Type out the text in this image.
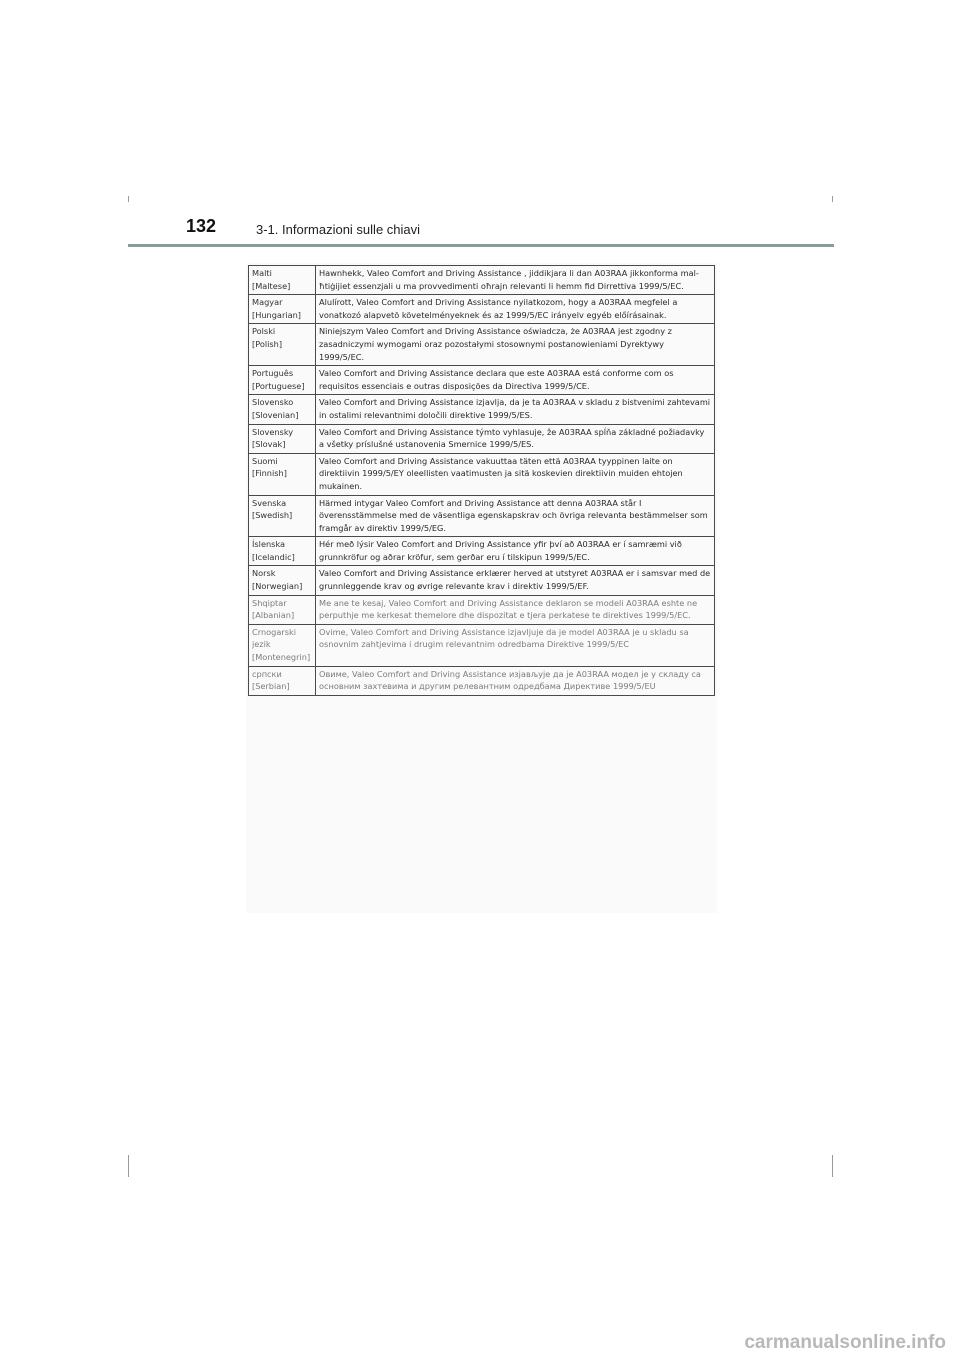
132	3-1. Informazioni sulle chiavi
Malti
[Maltese]	Hawnhekk, Valeo Comfort and Driving Assistance , jiddikjara li dan A03RAA jikkonforma mal-ħtiġijiet essenzjali u ma provvedimenti oħrajn relevanti li hemm fid Dirrettiva 1999/5/EC.

Magyar
[Hungarian]	Alulírott, Valeo Comfort and Driving Assistance nyilatkozom, hogy a A03RAA megfelel a vonatkozó alapvetõ követelményeknek és az 1999/5/EC irányelv egyéb előírásainak.

Polski
[Polish]	Niniejszym Valeo Comfort and Driving Assistance oświadcza, że A03RAA jest zgodny z zasadniczymi wymogami oraz pozostałymi stosownymi postanowieniami Dyrektywy 1999/5/EC.

Português
[Portuguese]	Valeo Comfort and Driving Assistance declara que este A03RAA está conforme com os requisitos essenciais e outras disposições da Directiva 1999/5/CE.

Slovensko
[Slovenian]	Valeo Comfort and Driving Assistance izjavlja, da je ta A03RAA v skladu z bistvenimi zahtevami in ostalimi relevantnimi določili direktive 1999/5/ES.

Slovensky
[Slovak]	Valeo Comfort and Driving Assistance týmto vyhlasuje, že A03RAA spĺňa základné požiadavky a všetky príslušné ustanovenia Smernice 1999/5/ES.

Suomi
[Finnish]	Valeo Comfort and Driving Assistance vakuuttaa täten että A03RAA tyyppinen laite on direktiivin 1999/5/EY oleellisten vaatimusten ja sitä koskevien direktiivin muiden ehtojen mukainen.

Svenska
[Swedish]	Härmed intygar Valeo Comfort and Driving Assistance att denna A03RAA står I överensstämmelse med de väsentliga egenskapskrav och övriga relevanta bestämmelser som framgår av direktiv 1999/5/EG.

Íslenska
[Icelandic]	Hér með lýsir Valeo Comfort and Driving Assistance yfir því að A03RAA er í samræmi við grunnkröfur og aðrar kröfur, sem gerðar eru í tilskipun 1999/5/EC.

Norsk
[Norwegian]	Valeo Comfort and Driving Assistance erklærer herved at utstyret A03RAA er i samsvar med de grunnleggende krav og øvrige relevante krav i direktiv 1999/5/EF.

Shqiptar
[Albanian]	Me ane te kesaj, Valeo Comfort and Driving Assistance deklaron se modeli A03RAA eshte ne perputhje me kerkesat themelore dhe dispozitat e tjera perkatese te direktives 1999/5/EC.

Crnogarski jezik
[Montenegrin]	Ovime, Valeo Comfort and Driving Assistance izjavljuje da je model A03RAA je u skladu sa osnovnim zahtjevima i drugim relevantnim odredbama Direktive 1999/5/EC

српски
[Serbian]	Овиме, Valeo Comfort and Driving Assistance изјављује да је A03RAA модел је у складу са основним захтевима и другим релевантним одредбама Директиве 1999/5/EU
carmanualsonline.info
